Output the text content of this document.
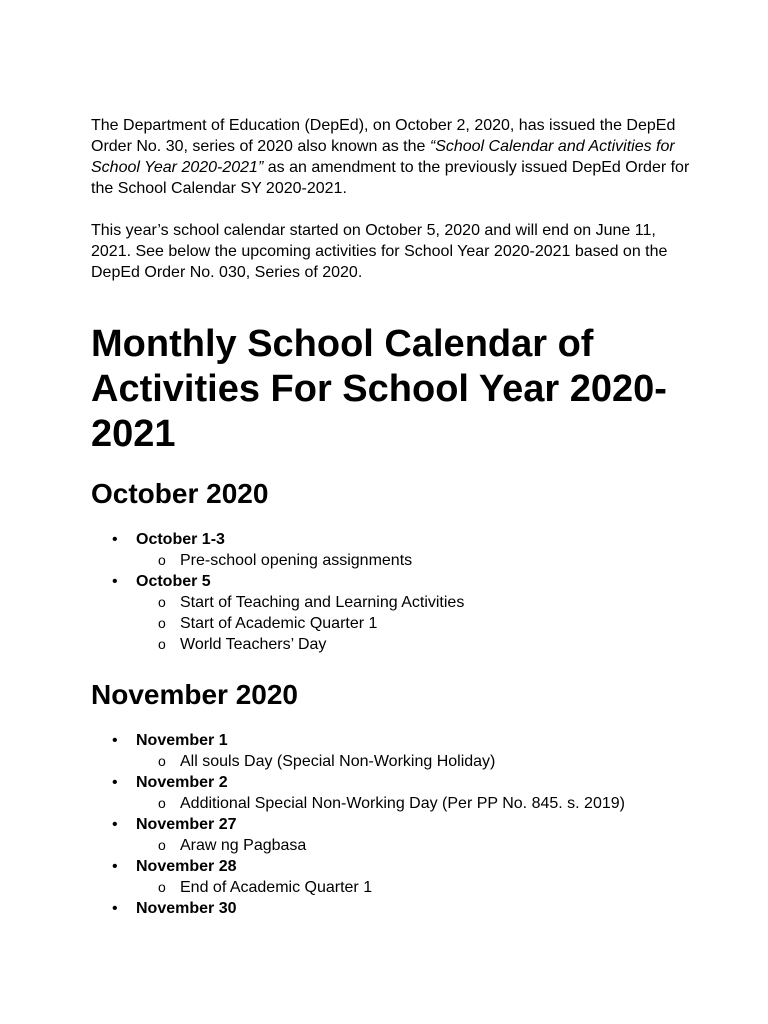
The Department of Education (DepEd), on October 2, 2020, has issued the DepEd Order No. 30, series of 2020 also known as the “School Calendar and Activities for School Year 2020-2021” as an amendment to the previously issued DepEd Order for the School Calendar SY 2020-2021.

This year’s school calendar started on October 5, 2020 and will end on June 11, 2021. See below the upcoming activities for School Year 2020-2021 based on the DepEd Order No. 030, Series of 2020.

Monthly School Calendar of Activities For School Year 2020-2021
October 2020
• October 1-3
o Pre-school opening assignments
• October 5
o Start of Teaching and Learning Activities
o Start of Academic Quarter 1
o World Teachers’ Day
November 2020
• November 1
o All souls Day (Special Non-Working Holiday)
• November 2
o Additional Special Non-Working Day (Per PP No. 845. s. 2019)
• November 27
o Araw ng Pagbasa
• November 28
o End of Academic Quarter 1
• November 30
